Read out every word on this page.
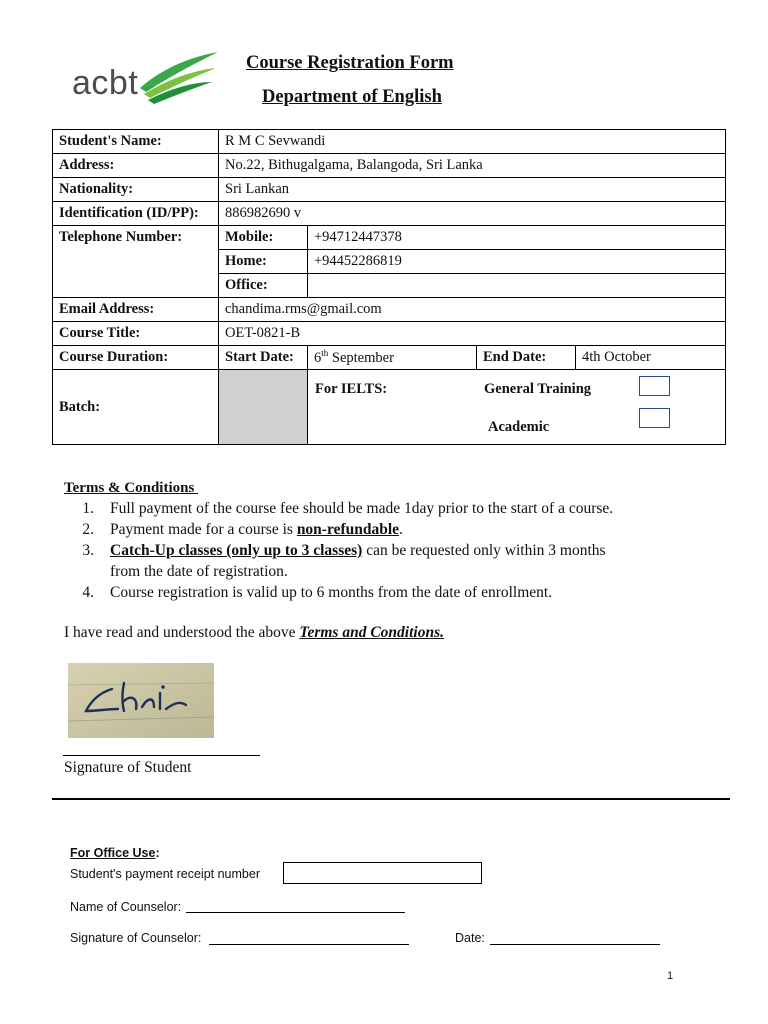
acbt
Course Registration Form
Department of English
Student's Name:	R M C Sevwandi			
Address:	No.22, Bithugalgama, Balangoda, Sri Lanka			
Nationality:	Sri Lankan			
Identification (ID/PP):	886982690 v			
Telephone Number:	Mobile:	+94712447378		
	Home:	+94452286819		
	Office:			
Email Address:	chandima.rms@gmail.com			
Course Title:	OET-0821-B			
Course Duration:	Start Date:	6th September	End Date:	4th October
Batch:		For IELTS: General Training
Academic		
Terms & Conditions
1. Full payment of the course fee should be made 1day prior to the start of a course.
2. Payment made for a course is non-refundable.
3. Catch-Up classes (only up to 3 classes) can be requested only within 3 months
from the date of registration.
4. Course registration is valid up to 6 months from the date of enrollment.
I have read and understood the above Terms and Conditions.
Signature of Student
For Office Use:
Student's payment receipt number
Name of Counselor:
Signature of Counselor:	Date:
1
